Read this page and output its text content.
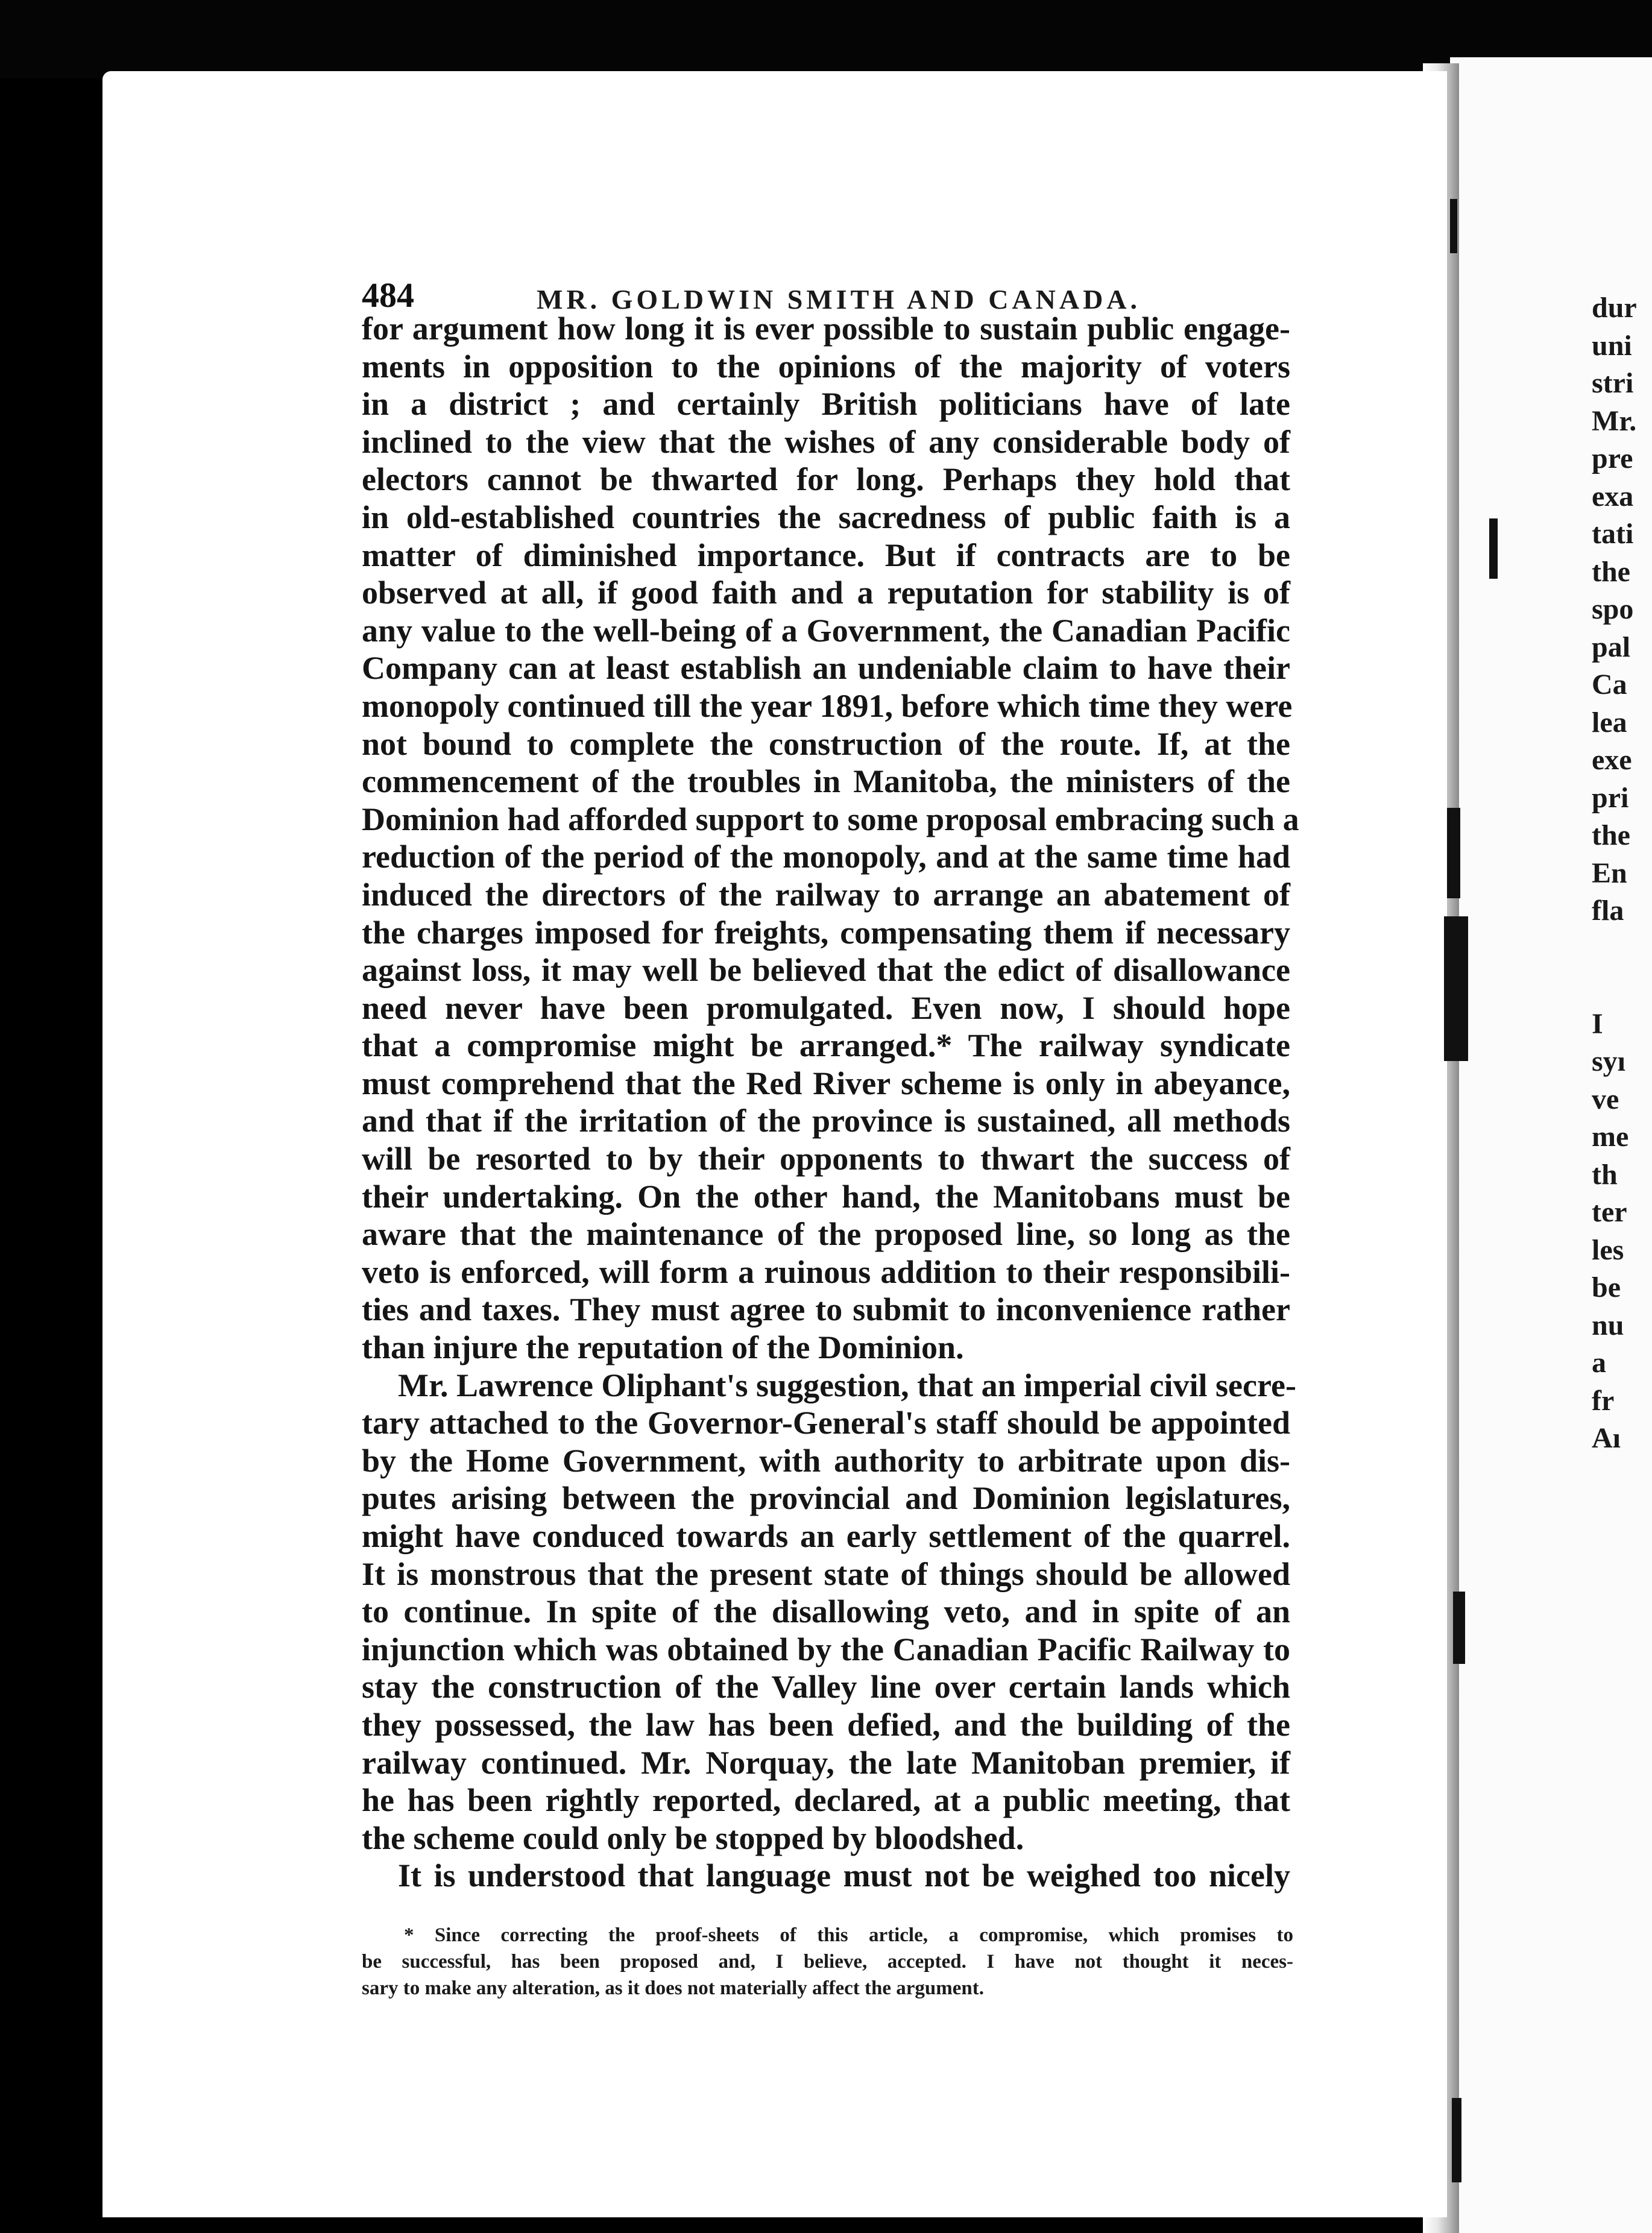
484	MR. GOLDWIN SMITH AND CANADA.
for argument how long it is ever possible to sustain public engage-
ments in opposition to the opinions of the majority of voters
in a district ; and certainly British politicians have of late
inclined to the view that the wishes of any considerable body of
electors cannot be thwarted for long. Perhaps they hold that
in old-established countries the sacredness of public faith is a
matter of diminished importance. But if contracts are to be
observed at all, if good faith and a reputation for stability is of
any value to the well-being of a Government, the Canadian Pacific
Company can at least establish an undeniable claim to have their
monopoly continued till the year 1891, before which time they were
not bound to complete the construction of the route. If, at the
commencement of the troubles in Manitoba, the ministers of the
Dominion had afforded support to some proposal embracing such a
reduction of the period of the monopoly, and at the same time had
induced the directors of the railway to arrange an abatement of
the charges imposed for freights, compensating them if necessary
against loss, it may well be believed that the edict of disallowance
need never have been promulgated. Even now, I should hope
that a compromise might be arranged.* The railway syndicate
must comprehend that the Red River scheme is only in abeyance,
and that if the irritation of the province is sustained, all methods
will be resorted to by their opponents to thwart the success of
their undertaking. On the other hand, the Manitobans must be
aware that the maintenance of the proposed line, so long as the
veto is enforced, will form a ruinous addition to their responsibili-
ties and taxes. They must agree to submit to inconvenience rather
than injure the reputation of the Dominion.
Mr. Lawrence Oliphant's suggestion, that an imperial civil secre-
tary attached to the Governor-General's staff should be appointed
by the Home Government, with authority to arbitrate upon dis-
putes arising between the provincial and Dominion legislatures,
might have conduced towards an early settlement of the quarrel.
It is monstrous that the present state of things should be allowed
to continue. In spite of the disallowing veto, and in spite of an
injunction which was obtained by the Canadian Pacific Railway to
stay the construction of the Valley line over certain lands which
they possessed, the law has been defied, and the building of the
railway continued. Mr. Norquay, the late Manitoban premier, if
he has been rightly reported, declared, at a public meeting, that
the scheme could only be stopped by bloodshed.
It is understood that language must not be weighed too nicely
* Since correcting the proof-sheets of this article, a compromise, which promises to
be successful, has been proposed and, I believe, accepted. I have not thought it neces-
sary to make any alteration, as it does not materially affect the argument.
dur
uni
stri
Mr.
pre
exa
tati
the
spo
pal
Ca
lea
exe
pri
the
En
fla

I
syı
ve
me
th
ter
les
be
nu
a
fr
Aı
